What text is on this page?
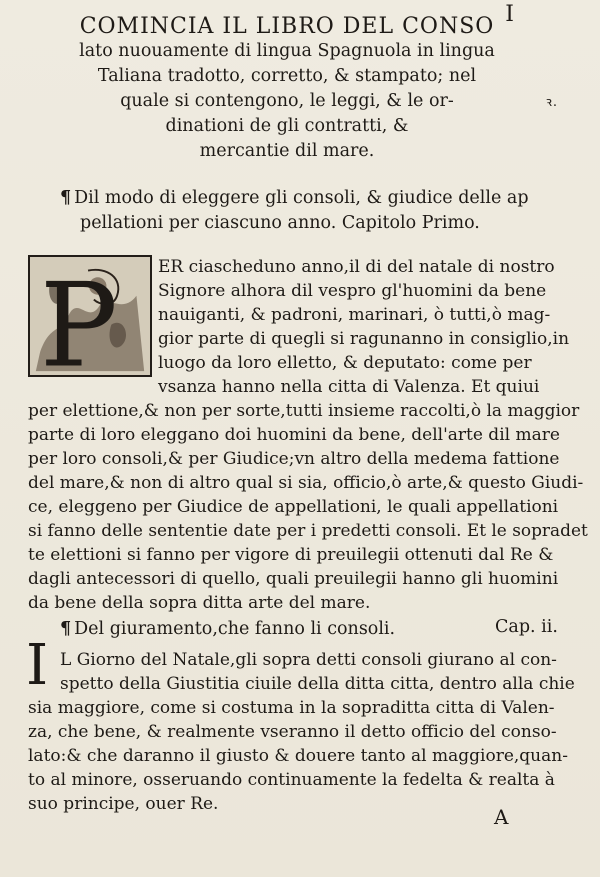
I
ꝛ.
COMINCIA IL LIBRO DEL CONSO
lato nuouamente di lingua Spagnuola in lingua
Taliana tradotto, corretto, & stampato; nel
quale si contengono, le leggi, & le or-
dinationi de gli contratti, &
mercantie dil mare.
¶ Dil modo di eleggere gli consoli, & giudice delle ap
pellationi per ciascuno anno. Capitolo Primo.
P ER ciascheduno anno,il di del natale di nostro
Signore alhora dil vespro gl'huomini da bene
nauiganti, & padroni, marinari, ò tutti,ò mag-
gior parte di quegli si ragunanno in consiglio,in
luogo da loro elletto, & deputato: come per
vsanza hanno nella citta di Valenza. Et quiui
per elettione,& non per sorte,tutti insieme raccolti,ò la maggior
parte di loro eleggano doi huomini da bene, dell'arte dil mare
per loro consoli,& per Giudice;vn altro della medema fattione
del mare,& non di altro qual si sia, officio,ò arte,& questo Giudi-
ce, eleggeno per Giudice de appellationi, le quali appellationi
si fanno delle sententie date per i predetti consoli. Et le sopradet
te elettioni si fanno per vigore di preuilegii ottenuti dal Re &
dagli antecessori di quello, quali preuilegii hanno gli huomini
da bene della sopra ditta arte del mare.
¶ Del giuramento,che fanno li consoli.	Cap. ii.
I L Giorno del Natale,gli sopra detti consoli giurano al con-
spetto della Giustitia ciuile della ditta citta, dentro alla chie
sia maggiore, come si costuma in la sopraditta citta di Valen-
za, che bene, & realmente vseranno il detto officio del conso-
lato:& che daranno il giusto & douere tanto al maggiore,quan-
to al minore, osseruando continuamente la fedelta & realta à
suo principe, ouer Re.
A
